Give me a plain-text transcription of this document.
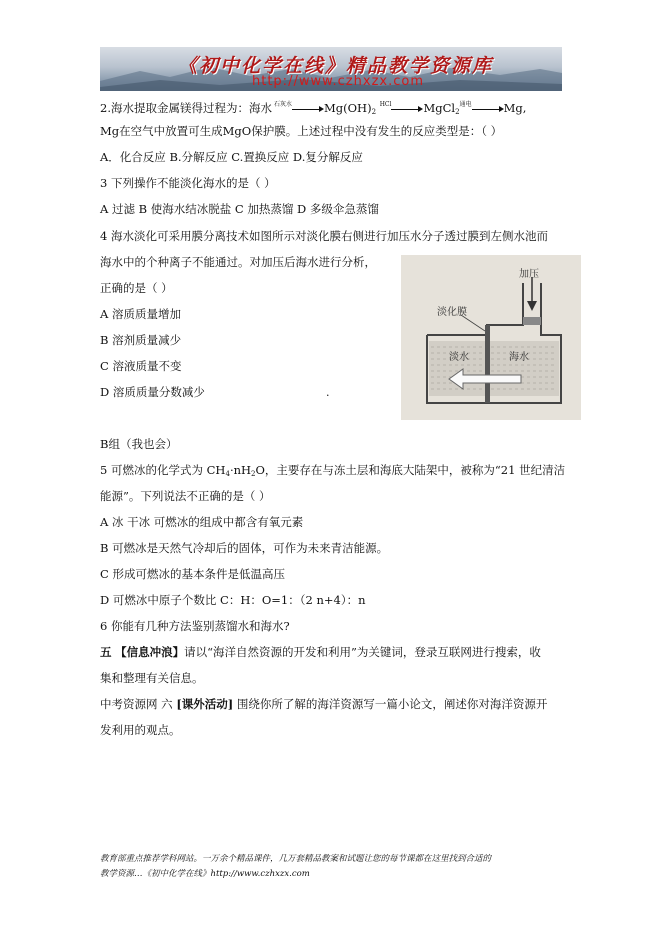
《初中化学在线》精品教学资源库
http://www.czhxzx.com
2.海水提取金属镁得过程为：海水 石灰水	$Mg(OH)_2$ HCl	MgCl$_2$通电	Mg,
Mg在空气中放置可生成MgO保护膜。上述过程中没有发生的反应类型是：（ ）
A．化合反应 B.分解反应 C.置换反应 D.复分解反应
3 下列操作不能淡化海水的是（ ）
A 过滤 B 使海水结冰脱盐 C 加热蒸馏 D 多级伞急蒸馏
4 海水淡化可采用膜分离技术如图所示对淡化膜右侧进行加压水分子透过膜到左侧水池而
海水中的个种离子不能通过。对加压后海水进行分析，
正确的是（ ）
A 溶质质量增加
B 溶剂质量减少
C 溶液质量不变
D 溶质质量分数减少	.
加压
淡化膜
淡水	海水
B组（我也会）
5 可燃冰的化学式为 $CH_4\cdot nH_2O$，主要存在与冻土层和海底大陆架中，被称为“21 世纪清洁
能源”。下列说法不正确的是（ ）
A 冰 干冰 可燃冰的组成中都含有氧元素
B 可燃冰是天然气冷却后的固体，可作为未来青洁能源。
C 形成可燃冰的基本条件是低温高压
D 可燃冰中原子个数比 C：H：O=1：（2 n+4）：n
6 你能有几种方法鉴别蒸馏水和海水?
五 【信息冲浪】请以“海洋自然资源的开发和利用”为关键词，登录互联网进行搜索，收
集和整理有关信息。
中考资源网 六 [课外活动] 围绕你所了解的海洋资源写一篇小论文，阐述你对海洋资源开
发利用的观点。
教育部重点推荐学科网站。一万余个精品课件，几万套精品教案和试题让您的每节课都在这里找到合适的
教学资源…《初中化学在线》http://www.czhxzx.com
